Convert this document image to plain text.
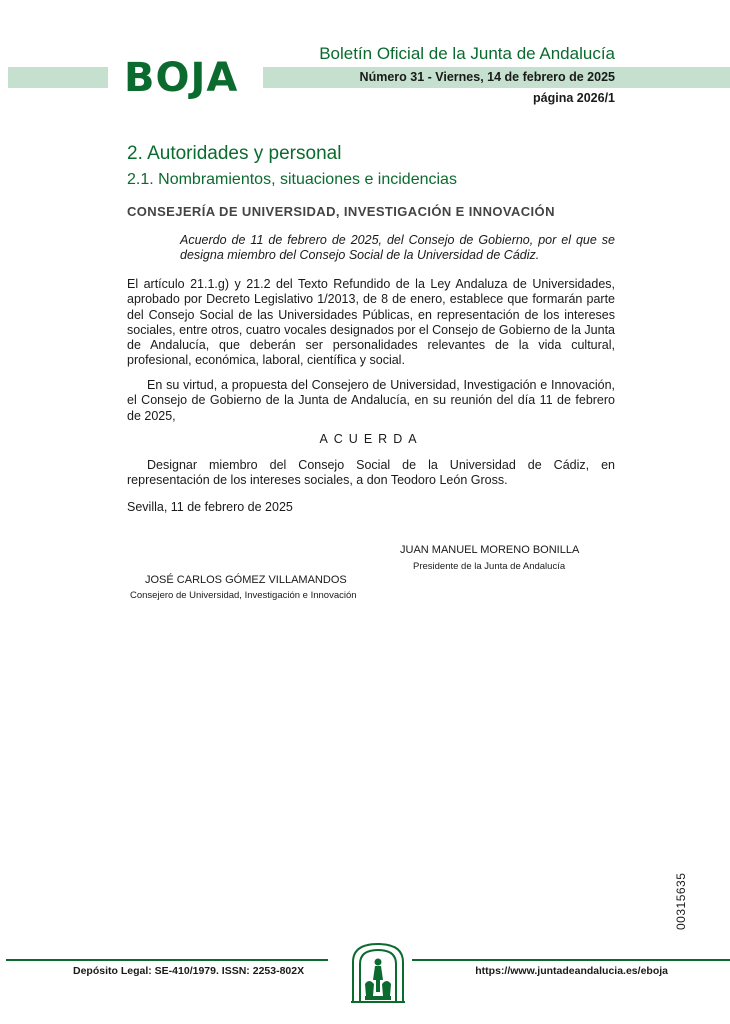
BOJA
Boletín Oficial de la Junta de Andalucía
Número 31 - Viernes, 14 de febrero de 2025
página 2026/1
2. Autoridades y personal
2.1. Nombramientos, situaciones e incidencias
CONSEJERÍA DE UNIVERSIDAD, INVESTIGACIÓN E INNOVACIÓN
Acuerdo de 11 de febrero de 2025, del Consejo de Gobierno, por el que se designa miembro del Consejo Social de la Universidad de Cádiz.

El artículo 21.1.g) y 21.2 del Texto Refundido de la Ley Andaluza de Universidades, aprobado por Decreto Legislativo 1/2013, de 8 de enero, establece que formarán parte del Consejo Social de las Universidades Públicas, en representación de los intereses sociales, entre otros, cuatro vocales designados por el Consejo de Gobierno de la Junta de Andalucía, que deberán ser personalidades relevantes de la vida cultural, profesional, económica, laboral, científica y social.

En su virtud, a propuesta del Consejero de Universidad, Investigación e Innovación, el Consejo de Gobierno de la Junta de Andalucía, en su reunión del día 11 de febrero de 2025,

ACUERDA

Designar miembro del Consejo Social de la Universidad de Cádiz, en representación de los intereses sociales, a don Teodoro León Gross.

Sevilla, 11 de febrero de 2025
JUAN MANUEL MORENO BONILLA
Presidente de la Junta de Andalucía
JOSÉ CARLOS GÓMEZ VILLAMANDOS
Consejero de Universidad, Investigación e Innovación
00315635
Depósito Legal: SE-410/1979. ISSN: 2253-802X	https://www.juntadeandalucia.es/eboja
